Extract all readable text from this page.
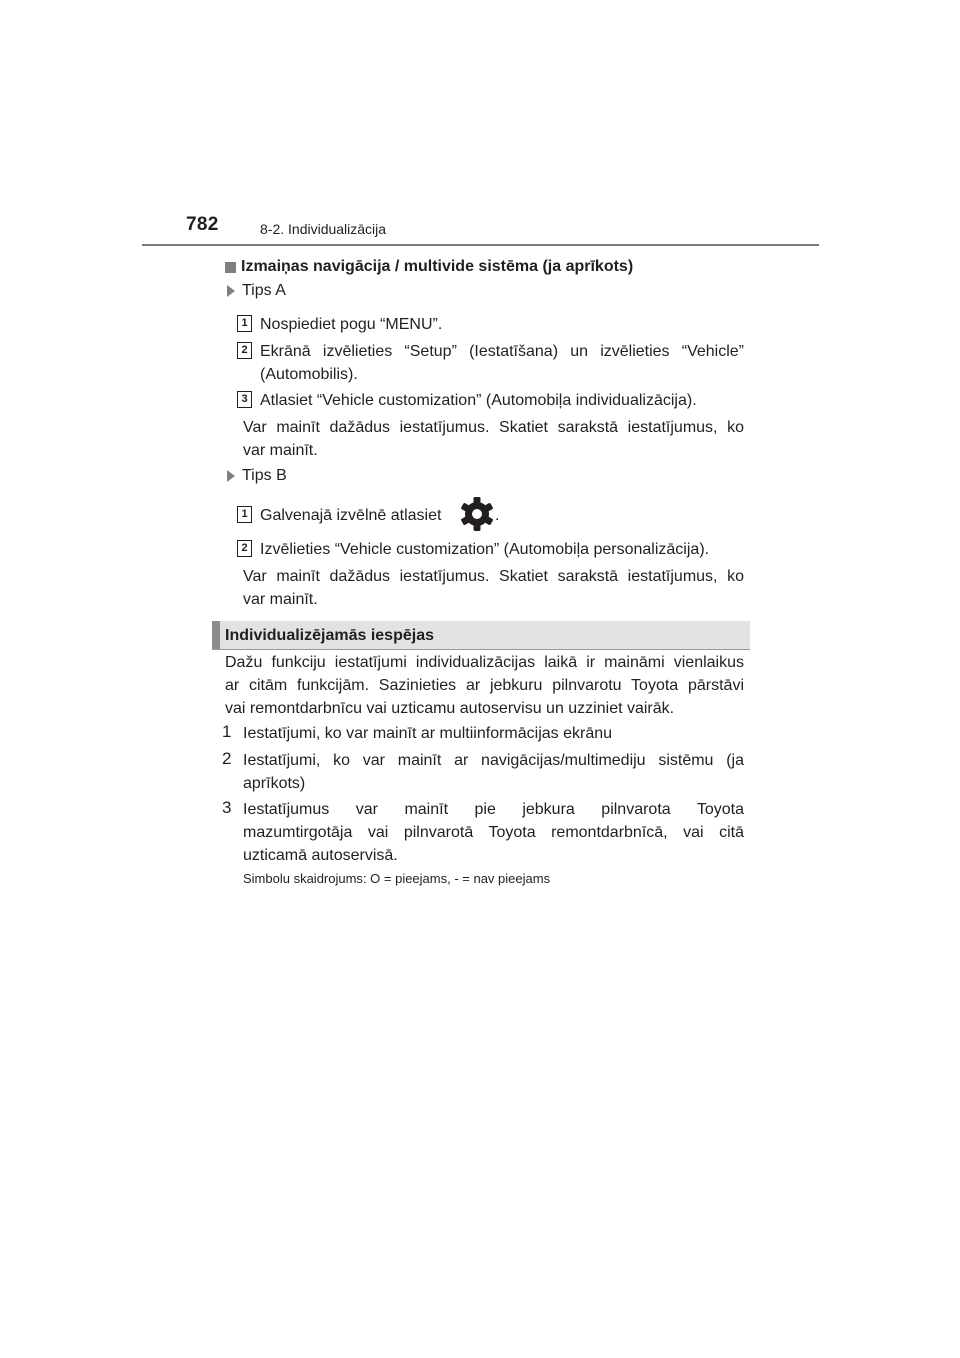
782	8-2. Individualizācija
Izmaiņas navigācija / multivide sistēma (ja aprīkots)
Tips A
1 Nospiediet pogu “MENU”.
2 Ekrānā izvēlieties “Setup” (Iestatīšana) un izvēlieties “Vehicle”
(Automobilis).
3 Atlasiet “Vehicle customization” (Automobiļa individualizācija).
Var mainīt dažādus iestatījumus. Skatiet sarakstā iestatījumus, ko
var mainīt.
Tips B
1 Galvenajā izvēlnē atlasiet	.
2 Izvēlieties “Vehicle customization” (Automobiļa personalizācija).
Var mainīt dažādus iestatījumus. Skatiet sarakstā iestatījumus, ko
var mainīt.
Individualizējamās iespējas
Dažu funkciju iestatījumi individualizācijas laikā ir maināmi vienlaikus
ar citām funkcijām. Sazinieties ar jebkuru pilnvarotu Toyota pārstāvi
vai remontdarbnīcu vai uzticamu autoservisu un uzziniet vairāk.
1 Iestatījumi, ko var mainīt ar multiinformācijas ekrānu
2 Iestatījumi, ko var mainīt ar navigācijas/multimediju sistēmu (ja
aprīkots)
3 Iestatījumus var mainīt pie jebkura pilnvarota Toyota
mazumtirgotāja vai pilnvarotā Toyota remontdarbnīcā, vai citā
uzticamā autoservisā.
Simbolu skaidrojums: O = pieejams, - = nav pieejams
